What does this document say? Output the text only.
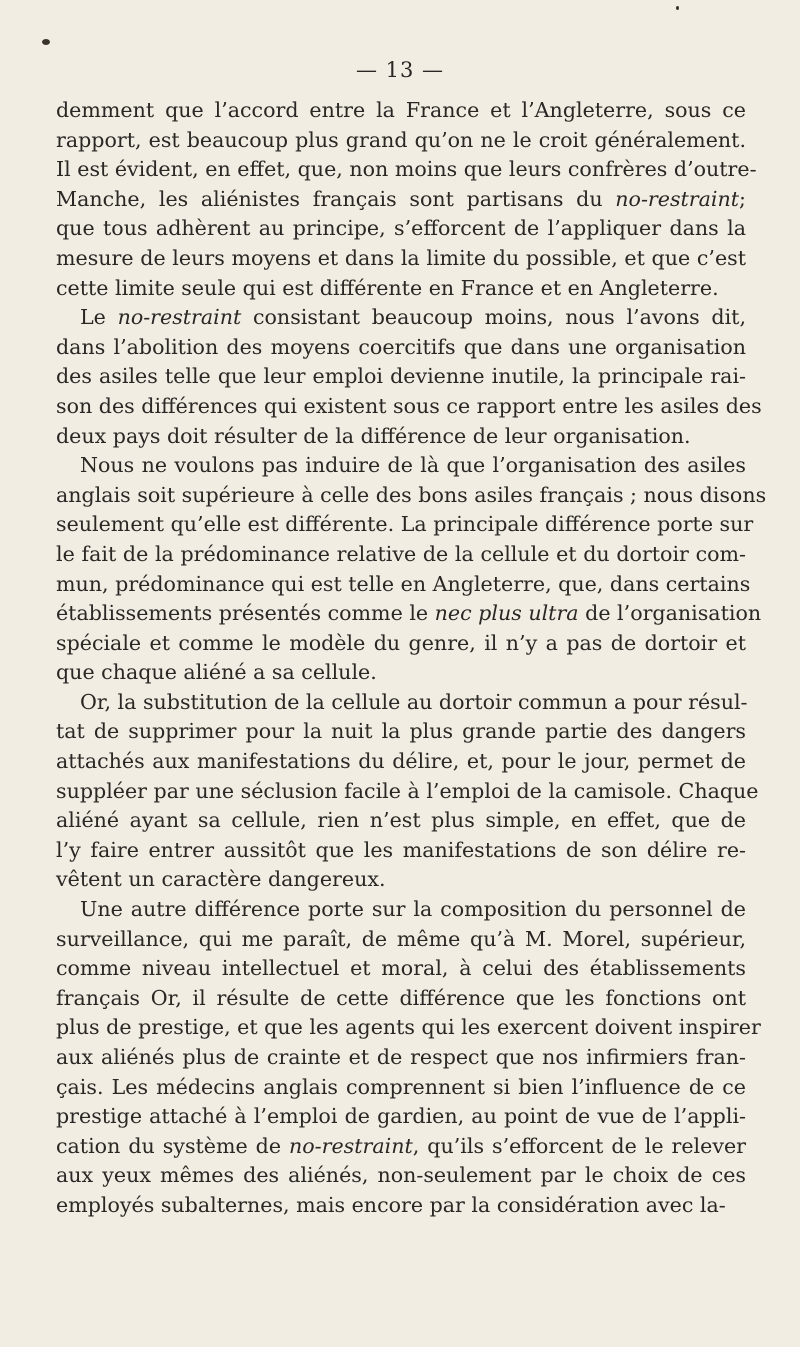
— 13 —

demment que l’accord entre la France et l’Angleterre, sous ce
rapport, est beaucoup plus grand qu’on ne le croit généralement.
Il est évident, en effet, que, non moins que leurs confrères d’outre-
Manche, les aliénistes français sont partisans du no-restraint;
que tous adhèrent au principe, s’efforcent de l’appliquer dans la
mesure de leurs moyens et dans la limite du possible, et que c’est
cette limite seule qui est différente en France et en Angleterre.

Le no-restraint consistant beaucoup moins, nous l’avons dit,
dans l’abolition des moyens coercitifs que dans une organisation
des asiles telle que leur emploi devienne inutile, la principale rai-
son des différences qui existent sous ce rapport entre les asiles des
deux pays doit résulter de la différence de leur organisation.

Nous ne voulons pas induire de là que l’organisation des asiles
anglais soit supérieure à celle des bons asiles français ; nous disons
seulement qu’elle est différente. La principale différence porte sur
le fait de la prédominance relative de la cellule et du dortoir com-
mun, prédominance qui est telle en Angleterre, que, dans certains
établissements présentés comme le nec plus ultra de l’organisation
spéciale et comme le modèle du genre, il n’y a pas de dortoir et
que chaque aliéné a sa cellule.

Or, la substitution de la cellule au dortoir commun a pour résul-
tat de supprimer pour la nuit la plus grande partie des dangers
attachés aux manifestations du délire, et, pour le jour, permet de
suppléer par une séclusion facile à l’emploi de la camisole. Chaque
aliéné ayant sa cellule, rien n’est plus simple, en effet, que de
l’y faire entrer aussitôt que les manifestations de son délire re-
vêtent un caractère dangereux.

Une autre différence porte sur la composition du personnel de
surveillance, qui me paraît, de même qu’à M. Morel, supérieur,
comme niveau intellectuel et moral, à celui des établissements
français Or, il résulte de cette différence que les fonctions ont
plus de prestige, et que les agents qui les exercent doivent inspirer
aux aliénés plus de crainte et de respect que nos infirmiers fran-
çais. Les médecins anglais comprennent si bien l’influence de ce
prestige attaché à l’emploi de gardien, au point de vue de l’appli-
cation du système de no-restraint, qu’ils s’efforcent de le relever
aux yeux mêmes des aliénés, non-seulement par le choix de ces
employés subalternes, mais encore par la considération avec la-
